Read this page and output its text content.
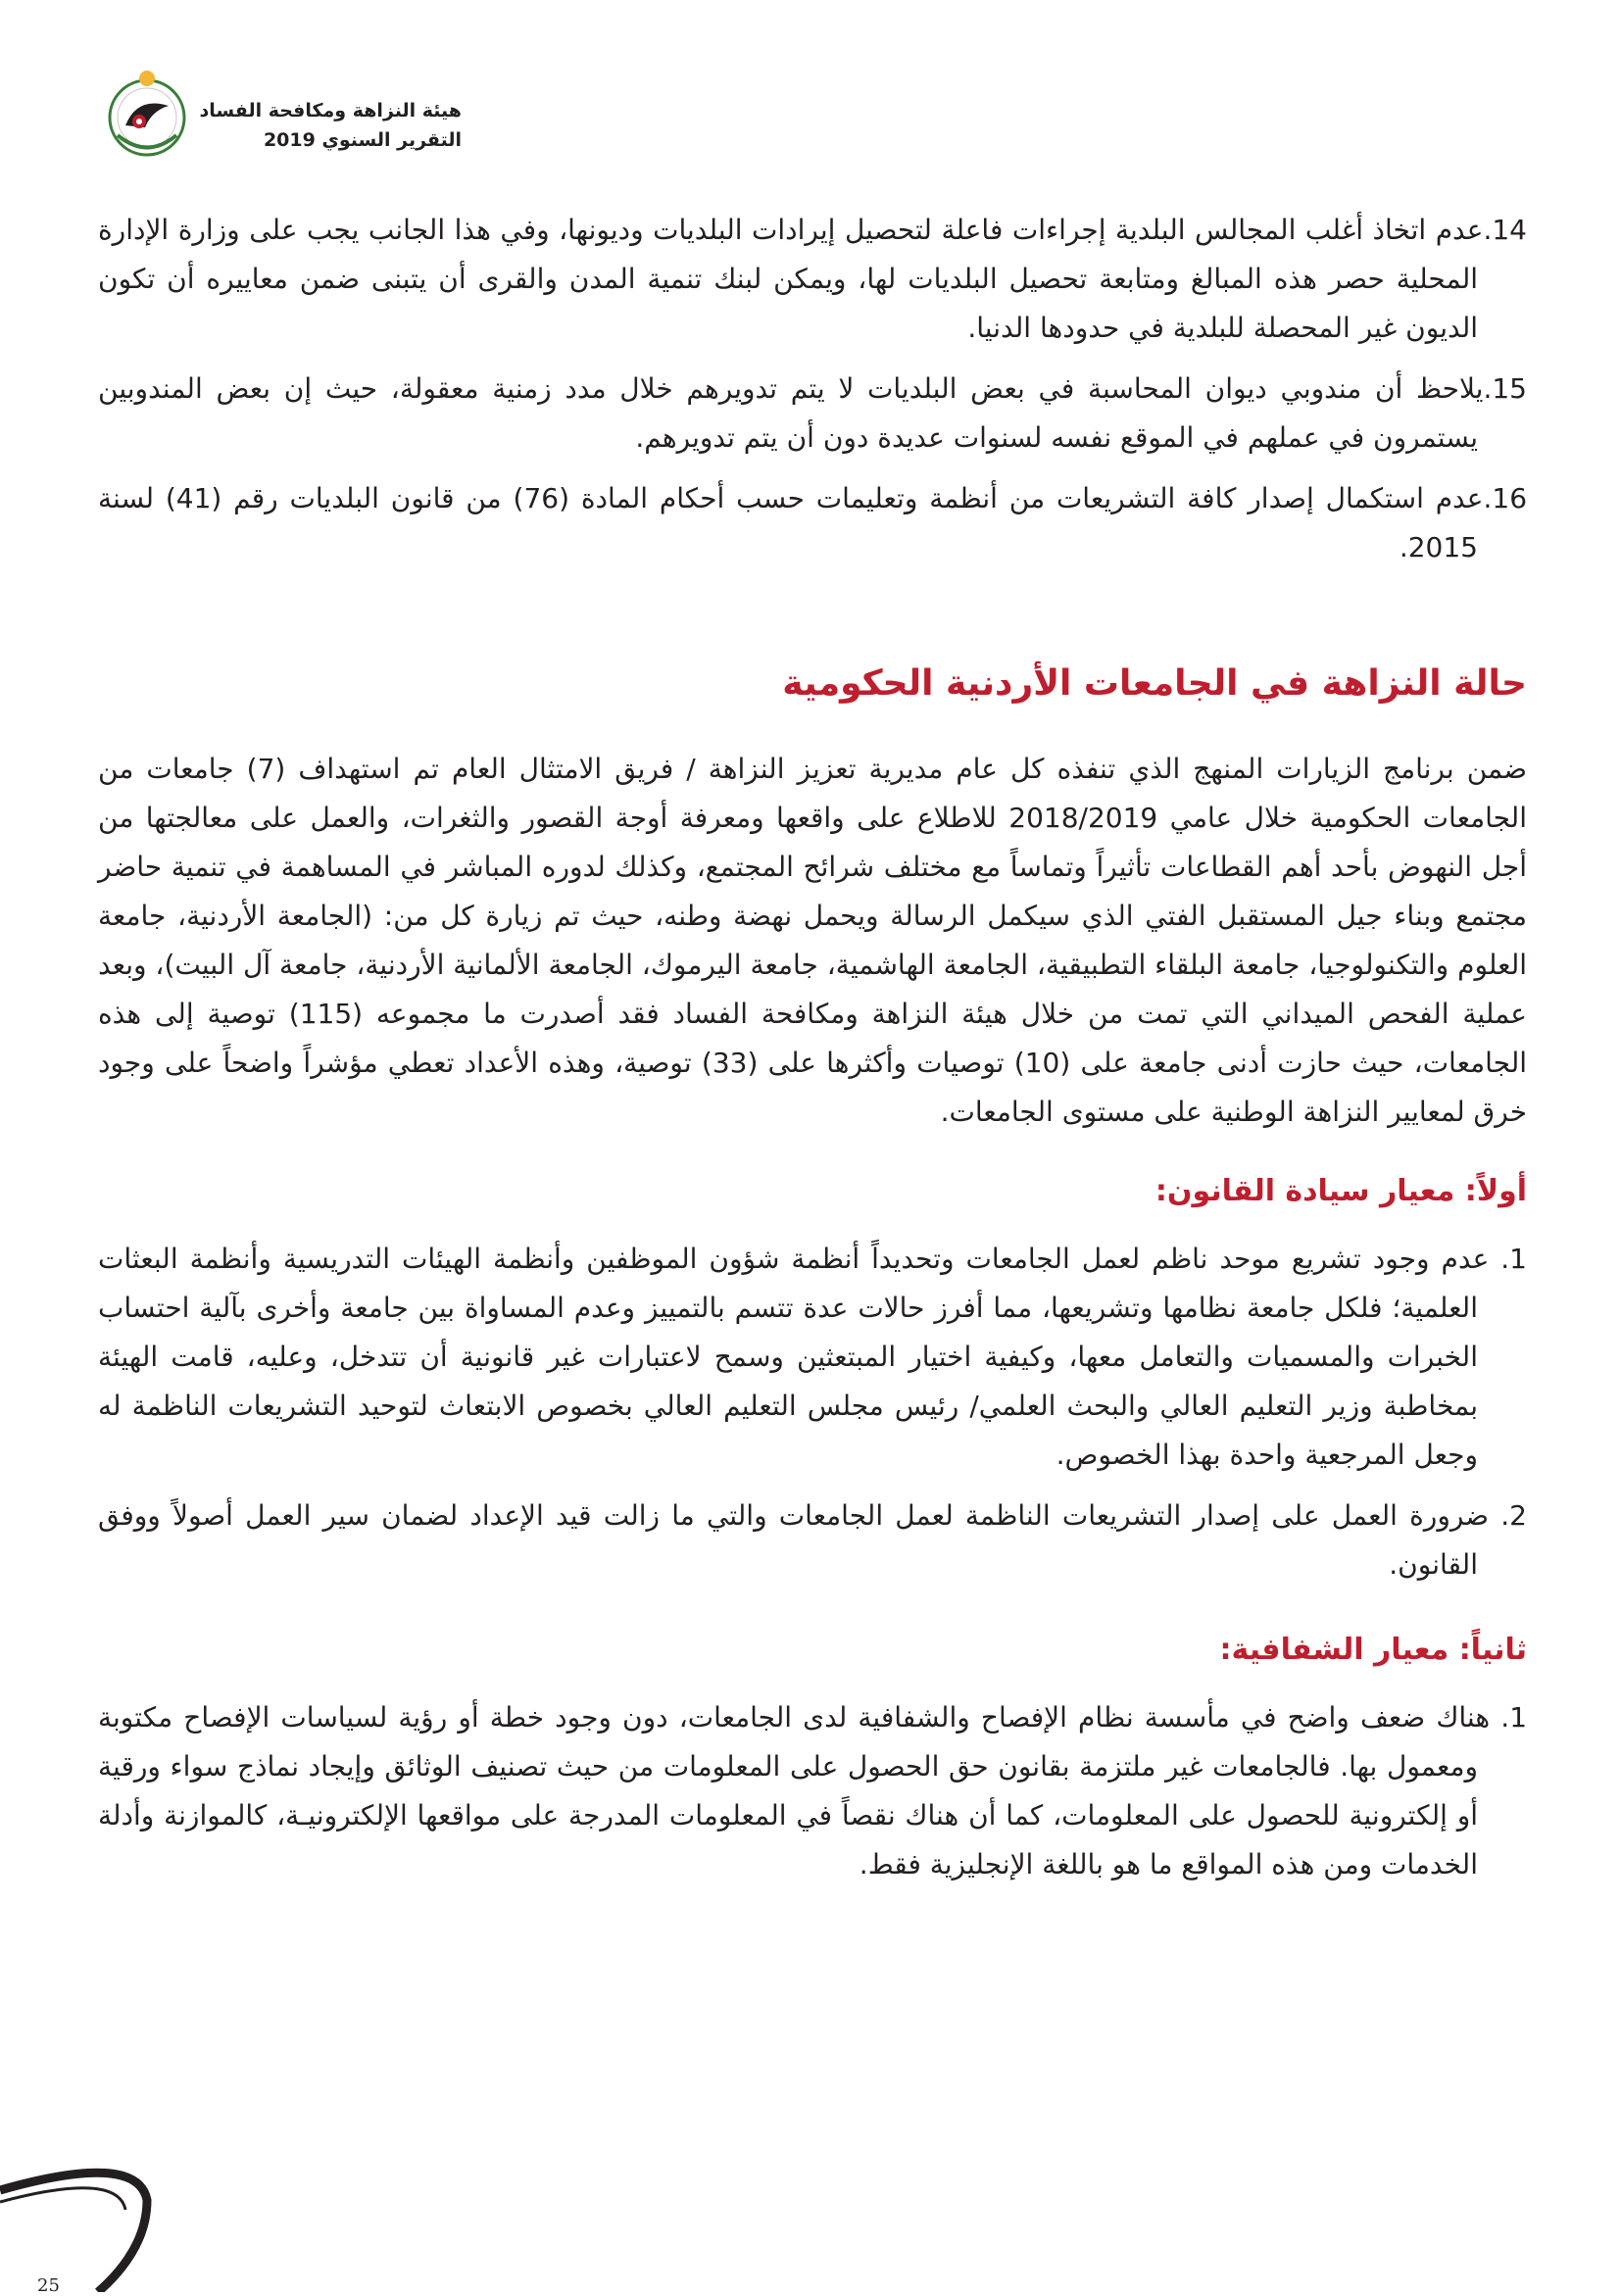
هيئة النزاهة ومكافحة الفساد
التقرير السنوي 2019
14.عدم اتخاذ أغلب المجالس البلدية إجراءات فاعلة لتحصيل إيرادات البلديات وديونها، وفي هذا الجانب يجب على وزارة الإدارة المحلية حصر هذه المبالغ ومتابعة تحصيل البلديات لها، ويمكن لبنك تنمية المدن والقرى أن يتبنى ضمن معاييره أن تكون الديون غير المحصلة للبلدية في حدودها الدنيا.
15.يلاحظ أن مندوبي ديوان المحاسبة في بعض البلديات لا يتم تدويرهم خلال مدد زمنية معقولة، حيث إن بعض المندوبين يستمرون في عملهم في الموقع نفسه لسنوات عديدة دون أن يتم تدويرهم.
16.عدم استكمال إصدار كافة التشريعات من أنظمة وتعليمات حسب أحكام المادة (76) من قانون البلديات رقم (41) لسنة 2015.
حالة النزاهة في الجامعات الأردنية الحكومية

ضمن برنامج الزيارات المنهج الذي تنفذه كل عام مديرية تعزيز النزاهة / فريق الامتثال العام تم استهداف (7) جامعات من الجامعات الحكومية خلال عامي 2018/2019 للاطلاع على واقعها ومعرفة أوجة القصور والثغرات، والعمل على معالجتها من أجل النهوض بأحد أهم القطاعات تأثيراً وتماساً مع مختلف شرائح المجتمع، وكذلك لدوره المباشر في المساهمة في تنمية حاضر مجتمع وبناء جيل المستقبل الفتي الذي سيكمل الرسالة ويحمل نهضة وطنه، حيث تم زيارة كل من: (الجامعة الأردنية، جامعة العلوم والتكنولوجيا، جامعة البلقاء التطبيقية، الجامعة الهاشمية، جامعة اليرموك، الجامعة الألمانية الأردنية، جامعة آل البيت)، وبعد عملية الفحص الميداني التي تمت من خلال هيئة النزاهة ومكافحة الفساد فقد أصدرت ما مجموعه (115) توصية إلى هذه الجامعات، حيث حازت أدنى جامعة على (10) توصيات وأكثرها على (33) توصية، وهذه الأعداد تعطي مؤشراً واضحاً على وجود خرق لمعايير النزاهة الوطنية على مستوى الجامعات.

أولاً: معيار سيادة القانون:
1. عدم وجود تشريع موحد ناظم لعمل الجامعات وتحديداً أنظمة شؤون الموظفين وأنظمة الهيئات التدريسية وأنظمة البعثات العلمية؛ فلكل جامعة نظامها وتشريعها، مما أفرز حالات عدة تتسم بالتمييز وعدم المساواة بين جامعة وأخرى بآلية احتساب الخبرات والمسميات والتعامل معها، وكيفية اختيار المبتعثين وسمح لاعتبارات غير قانونية أن تتدخل، وعليه، قامت الهيئة بمخاطبة وزير التعليم العالي والبحث العلمي/ رئيس مجلس التعليم العالي بخصوص الابتعاث لتوحيد التشريعات الناظمة له وجعل المرجعية واحدة بهذا الخصوص.
2. ضرورة العمل على إصدار التشريعات الناظمة لعمل الجامعات والتي ما زالت قيد الإعداد لضمان سير العمل أصولاً ووفق القانون.
ثانياً: معيار الشفافية:
1. هناك ضعف واضح في مأسسة نظام الإفصاح والشفافية لدى الجامعات، دون وجود خطة أو رؤية لسياسات الإفصاح مكتوبة ومعمول بها. فالجامعات غير ملتزمة بقانون حق الحصول على المعلومات من حيث تصنيف الوثائق وإيجاد نماذج سواء ورقية أو إلكترونية للحصول على المعلومات، كما أن هناك نقصاً في المعلومات المدرجة على مواقعها الإلكترونيـة، كالموازنة وأدلة الخدمات ومن هذه المواقع ما هو باللغة الإنجليزية فقط.
25
